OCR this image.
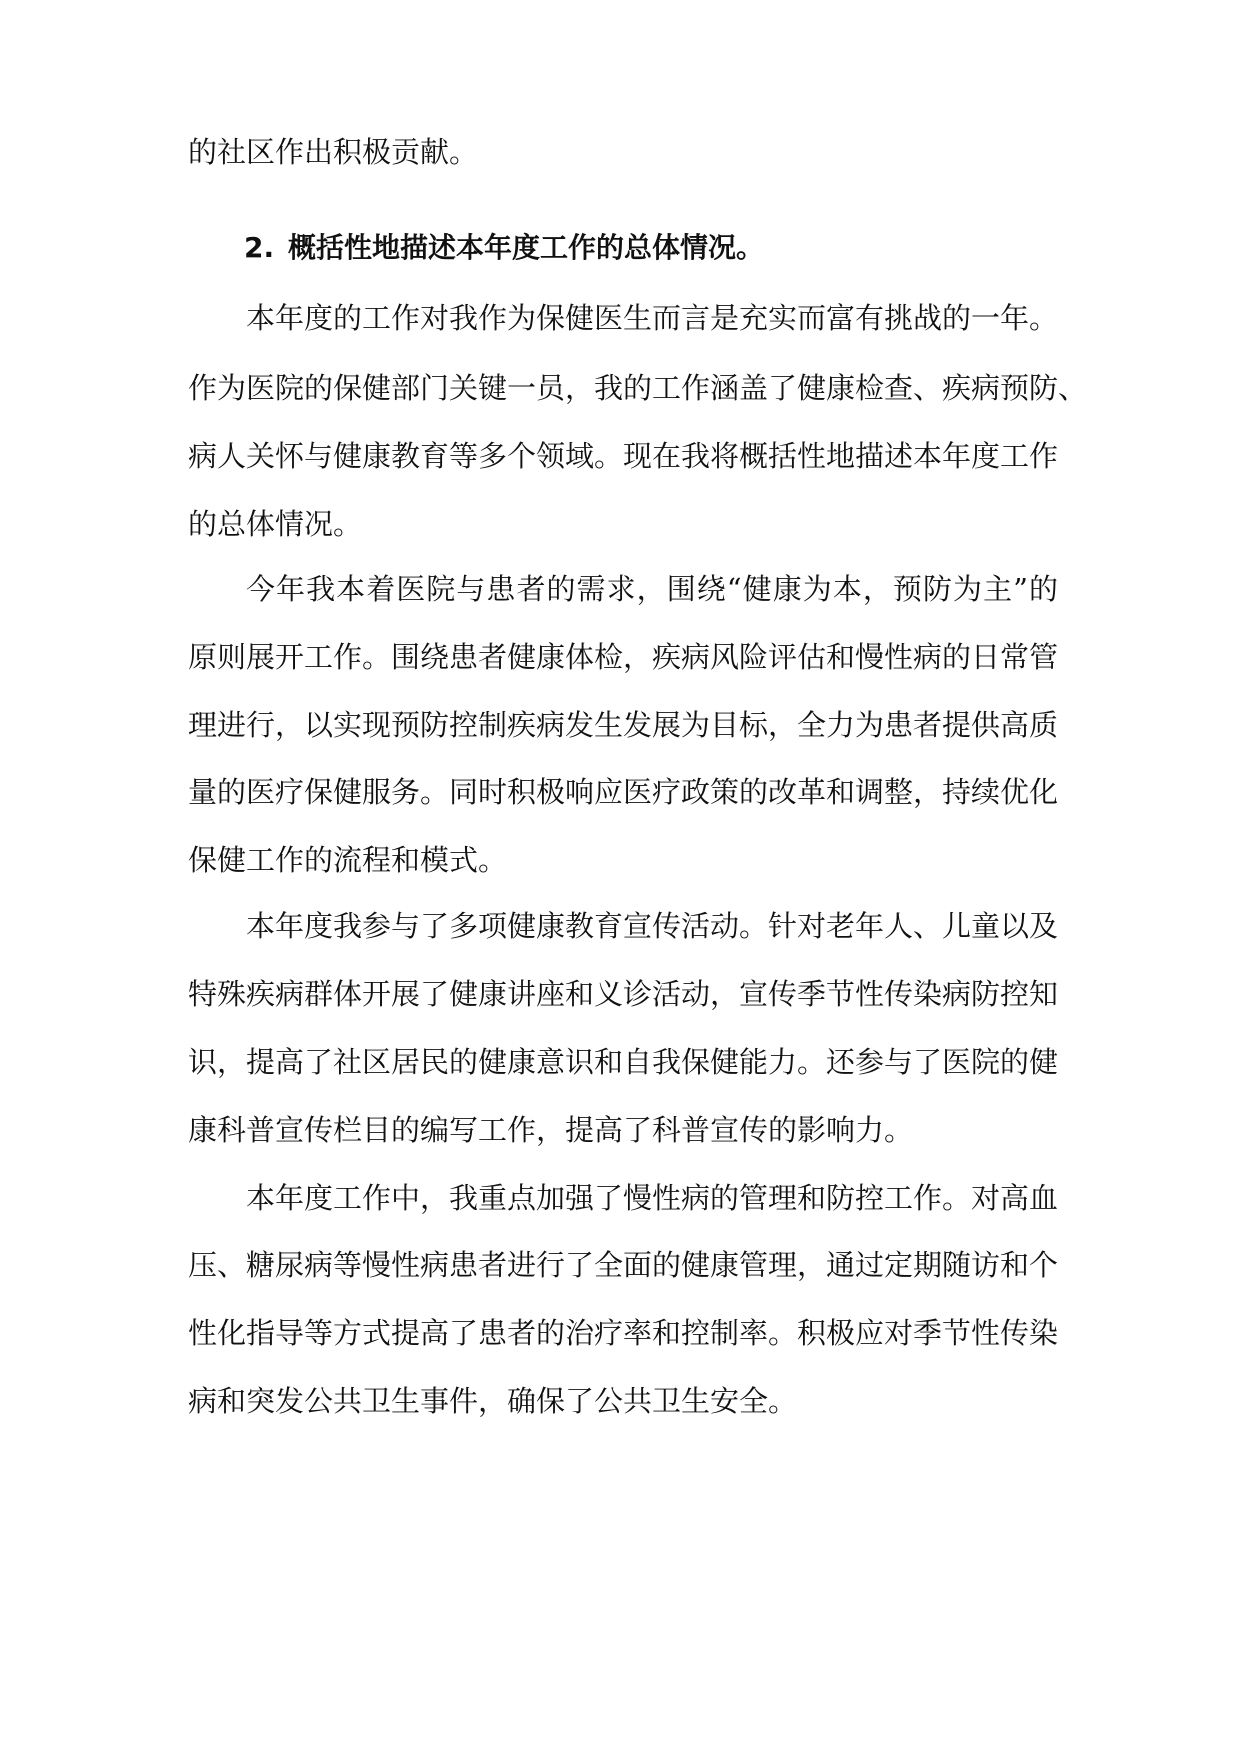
的社区作出积极贡献。
2. 概括性地描述本年度工作的总体情况。
本年度的工作对我作为保健医生而言是充实而富有挑战的一年。
作为医院的保健部门关键一员，我的工作涵盖了健康检查、疾病预防、
病人关怀与健康教育等多个领域。现在我将概括性地描述本年度工作
的总体情况。
今年我本着医院与患者的需求，围绕“健康为本，预防为主”的
原则展开工作。围绕患者健康体检，疾病风险评估和慢性病的日常管
理进行，以实现预防控制疾病发生发展为目标，全力为患者提供高质
量的医疗保健服务。同时积极响应医疗政策的改革和调整，持续优化
保健工作的流程和模式。
本年度我参与了多项健康教育宣传活动。针对老年人、儿童以及
特殊疾病群体开展了健康讲座和义诊活动，宣传季节性传染病防控知
识，提高了社区居民的健康意识和自我保健能力。还参与了医院的健
康科普宣传栏目的编写工作，提高了科普宣传的影响力。
本年度工作中，我重点加强了慢性病的管理和防控工作。对高血
压、糖尿病等慢性病患者进行了全面的健康管理，通过定期随访和个
性化指导等方式提高了患者的治疗率和控制率。积极应对季节性传染
病和突发公共卫生事件，确保了公共卫生安全。
